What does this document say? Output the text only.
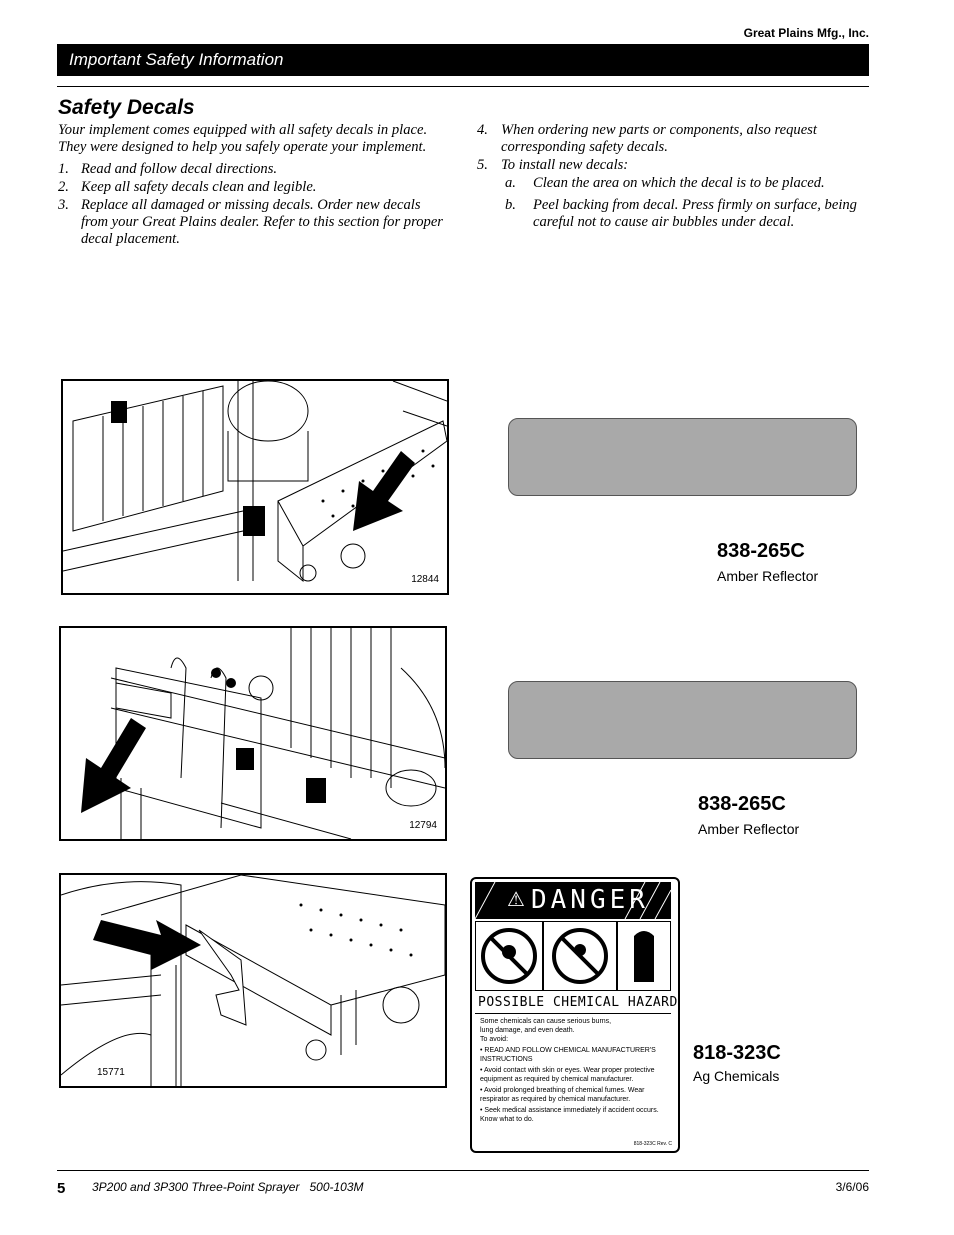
Great Plains Mfg., Inc.
Important Safety Information
Safety Decals
Your implement comes equipped with all safety decals in place. They were designed to help you safely operate your implement.
1. Read and follow decal directions.
2. Keep all safety decals clean and legible.
3. Replace all damaged or missing decals. Order new decals from your Great Plains dealer. Refer to this section for proper decal placement.
4. When ordering new parts or components, also request corresponding safety decals.
5. To install new decals:
a. Clean the area on which the decal is to be placed.
b. Peel backing from decal. Press firmly on surface, being careful not to cause air bubbles under decal.
12844
838-265C
Amber Reflector
12794
838-265C
Amber Reflector
15771
⚠ DANGER
POSSIBLE CHEMICAL HAZARD
Some chemicals can cause serious burns,
lung damage, and even death.
To avoid:
• READ AND FOLLOW CHEMICAL MANUFACTURER'S INSTRUCTIONS
• Avoid contact with skin or eyes. Wear proper protective equipment as required by chemical manufacturer.
• Avoid prolonged breathing of chemical fumes. Wear respirator as required by chemical manufacturer.
• Seek medical assistance immediately if accident occurs. Know what to do.
818-323C Rev. C
818-323C
Ag Chemicals
5 3P200 and 3P300 Three-Point Sprayer   500-103M	3/6/06
